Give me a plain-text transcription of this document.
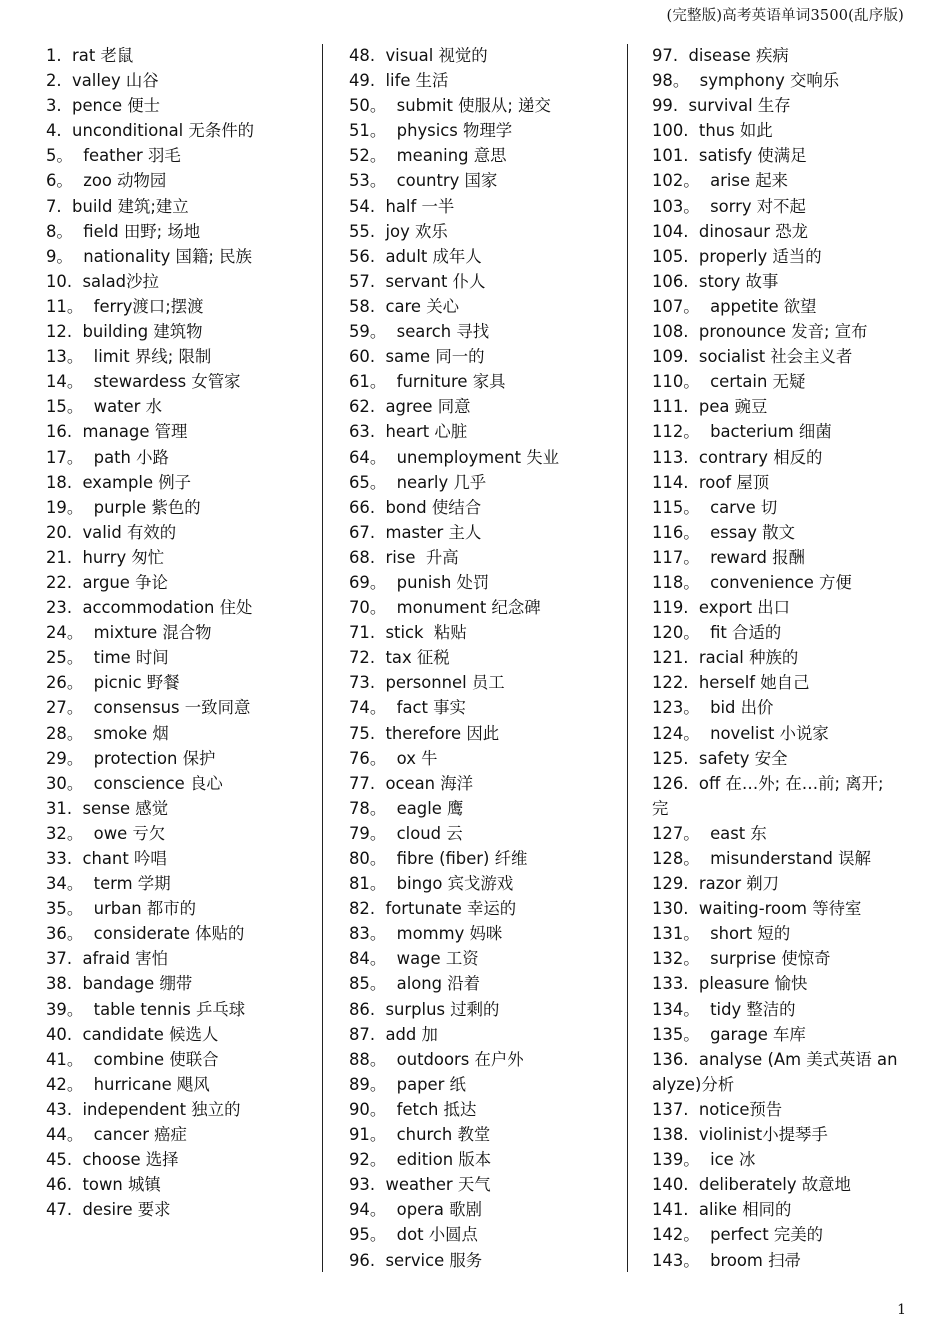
(完整版)高考英语单词3500(乱序版)
1.  rat 老鼠
2.  valley 山谷
3.  pence 便士
4.  unconditional 无条件的
5。  feather 羽毛
6。  zoo 动物园
7.  build 建筑;建立
8。  field 田野; 场地
9。  nationality 国籍; 民族
10.  salad沙拉
11。  ferry渡口;摆渡
12.  building 建筑物
13。  limit 界线; 限制
14。  stewardess 女管家
15。  water 水
16.  manage 管理
17。  path 小路
18.  example 例子
19。  purple 紫色的
20.  valid 有效的
21.  hurry 匆忙
22.  argue 争论
23.  accommodation 住处
24。  mixture 混合物
25。  time 时间
26。  picnic 野餐
27。  consensus 一致同意
28。  smoke 烟
29。  protection 保护
30。  conscience 良心
31.  sense 感觉
32。  owe 亏欠
33.  chant 吟唱
34。  term 学期
35。  urban 都市的
36。  considerate 体贴的
37.  afraid 害怕
38.  bandage 绷带
39。  table tennis 乒乓球
40.  candidate 候选人
41。  combine 使联合
42。  hurricane 飓风
43.  independent 独立的
44。  cancer 癌症
45.  choose 选择
46.  town 城镇
47.  desire 要求
48.  visual 视觉的
49.  life 生活
50。  submit 使服从; 递交
51。  physics 物理学
52。  meaning 意思
53。  country 国家
54.  half 一半
55.  joy 欢乐
56.  adult 成年人
57.  servant 仆人
58.  care 关心
59。  search 寻找
60.  same 同一的
61。  furniture 家具
62.  agree 同意
63.  heart 心脏
64。  unemployment 失业
65。  nearly 几乎
66.  bond 使结合
67.  master 主人
68.  rise  升高
69。  punish 处罚
70。  monument 纪念碑
71.  stick  粘贴
72.  tax 征税
73.  personnel 员工
74。  fact 事实
75.  therefore 因此
76。  ox 牛
77.  ocean 海洋
78。  eagle 鹰
79。  cloud 云
80。  fibre (fiber) 纤维
81。  bingo 宾戈游戏
82.  fortunate 幸运的
83。  mommy 妈咪
84。  wage 工资
85。  along 沿着
86.  surplus 过剩的
87.  add 加
88。  outdoors 在户外
89。  paper 纸
90。  fetch 抵达
91。  church 教堂
92。  edition 版本
93.  weather 天气
94。  opera 歌剧
95。  dot 小圆点
96.  service 服务
97.  disease 疾病
98。  symphony 交响乐
99.  survival 生存
100.  thus 如此
101.  satisfy 使满足
102。  arise 起来
103。  sorry 对不起
104.  dinosaur 恐龙
105.  properly 适当的
106.  story 故事
107。  appetite 欲望
108.  pronounce 发音; 宣布
109.  socialist 社会主义者
110。  certain 无疑
111.  pea 豌豆
112。  bacterium 细菌
113.  contrary 相反的
114.  roof 屋顶
115。  carve 切
116。  essay 散文
117。  reward 报酬
118。  convenience 方便
119.  export 出口
120。  fit 合适的
121.  racial 种族的
122.  herself 她自己
123。  bid 出价
124。  novelist 小说家
125.  safety 安全
126.  off 在…外; 在…前; 离开; 完
127。  east 东
128。  misunderstand 误解
129.  razor 剃刀
130.  waiting-room 等待室
131。  short 短的
132。  surprise 使惊奇
133.  pleasure 愉快
134。  tidy 整洁的
135。  garage 车库
136.  analyse (Am 美式英语 analyze)分析
137.  notice预告
138.  violinist小提琴手
139。  ice 冰
140.  deliberately 故意地
141.  alike 相同的
142。  perfect 完美的
143。  broom 扫帚
1
